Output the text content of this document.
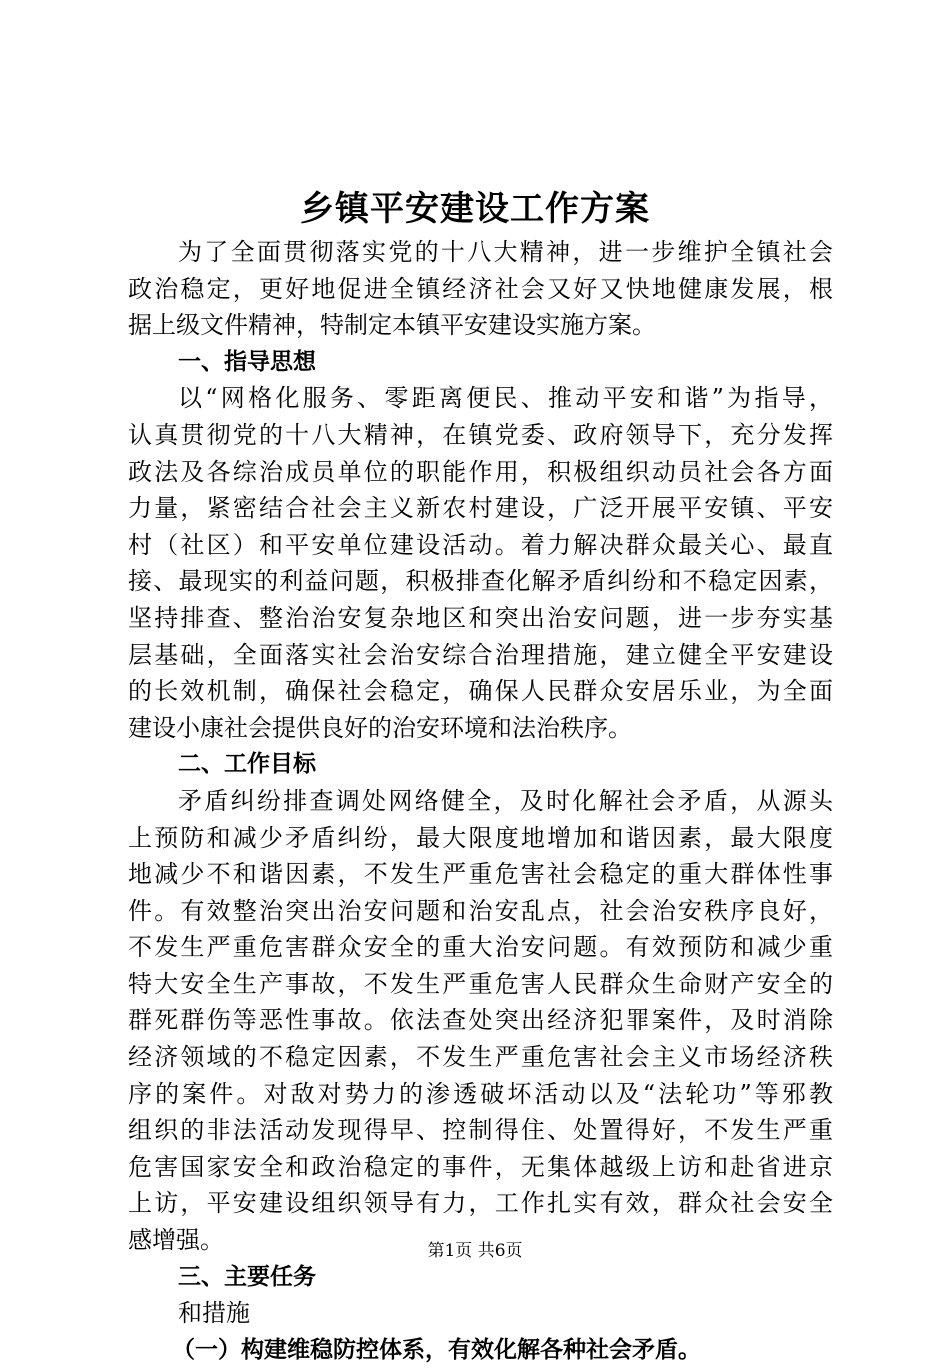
乡镇平安建设工作方案
为了全面贯彻落实党的十八大精神，进一步维护全镇社会
政治稳定，更好地促进全镇经济社会又好又快地健康发展，根
据上级文件精神，特制定本镇平安建设实施方案。
一、指导思想
以“网格化服务、零距离便民、推动平安和谐”为指导，
认真贯彻党的十八大精神，在镇党委、政府领导下，充分发挥
政法及各综治成员单位的职能作用，积极组织动员社会各方面
力量，紧密结合社会主义新农村建设，广泛开展平安镇、平安
村（社区）和平安单位建设活动。着力解决群众最关心、最直
接、最现实的利益问题，积极排查化解矛盾纠纷和不稳定因素，
坚持排查、整治治安复杂地区和突出治安问题，进一步夯实基
层基础，全面落实社会治安综合治理措施，建立健全平安建设
的长效机制，确保社会稳定，确保人民群众安居乐业，为全面
建设小康社会提供良好的治安环境和法治秩序。
二、工作目标
矛盾纠纷排查调处网络健全，及时化解社会矛盾，从源头
上预防和减少矛盾纠纷，最大限度地增加和谐因素，最大限度
地减少不和谐因素，不发生严重危害社会稳定的重大群体性事
件。有效整治突出治安问题和治安乱点，社会治安秩序良好，
不发生严重危害群众安全的重大治安问题。有效预防和减少重
特大安全生产事故，不发生严重危害人民群众生命财产安全的
群死群伤等恶性事故。依法查处突出经济犯罪案件，及时消除
经济领域的不稳定因素，不发生严重危害社会主义市场经济秩
序的案件。对敌对势力的渗透破坏活动以及“法轮功”等邪教
组织的非法活动发现得早、控制得住、处置得好，不发生严重
危害国家安全和政治稳定的事件，无集体越级上访和赴省进京
上访，平安建设组织领导有力，工作扎实有效，群众社会安全
感增强。
三、主要任务
和措施
（一）构建维稳防控体系，有效化解各种社会矛盾。
第1页 共6页
